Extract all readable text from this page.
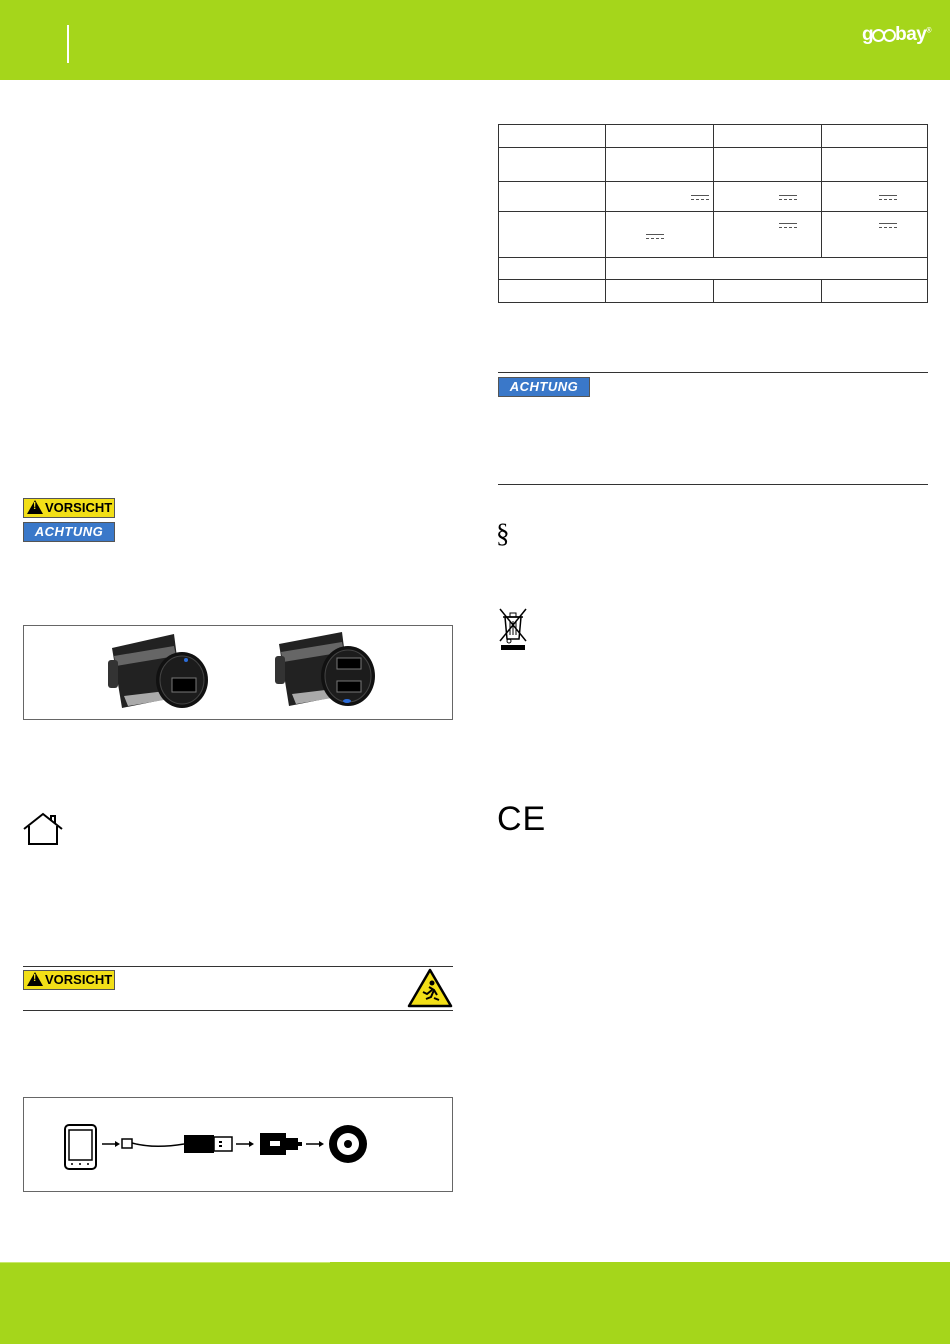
g bay®
!VORSICHT
ACHTUNG
!VORSICHT

ACHTUNG
§
CE
